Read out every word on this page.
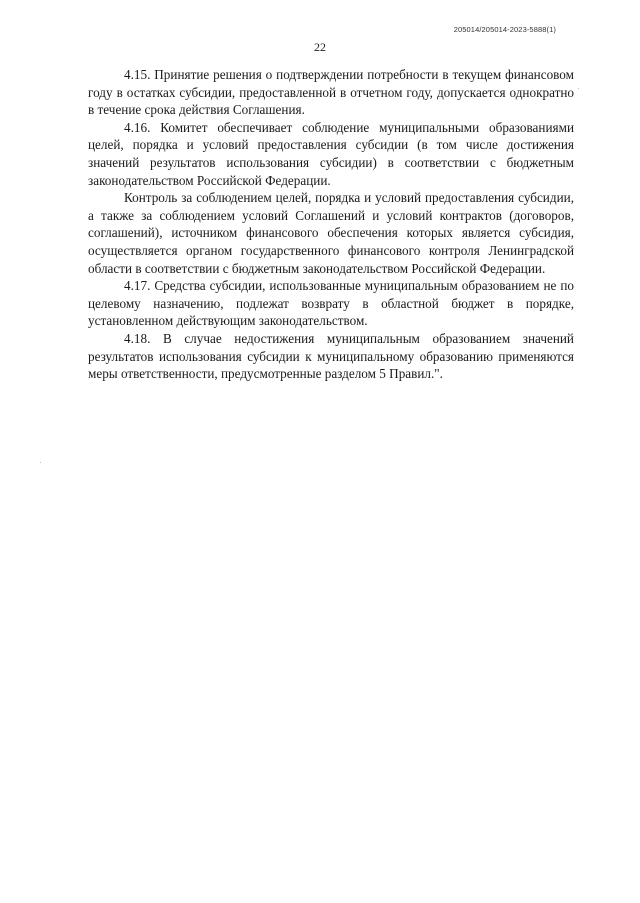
205014/205014-2023-5888(1)
22

4.15. Принятие решения о подтверждении потребности в текущем финансовом году в остатках субсидии, предоставленной в отчетном году, допускается однократно в течение срока действия Соглашения.

4.16. Комитет обеспечивает соблюдение муниципальными образованиями целей, порядка и условий предоставления субсидии (в том числе достижения значений результатов использования субсидии) в соответствии с бюджетным законодательством Российской Федерации.

Контроль за соблюдением целей, порядка и условий предоставления субсидии, а также за соблюдением условий Соглашений и условий контрактов (договоров, соглашений), источником финансового обеспечения которых является субсидия, осуществляется органом государственного финансового контроля Ленинградской области в соответствии с бюджетным законодательством Российской Федерации.

4.17. Средства субсидии, использованные муниципальным образованием не по целевому назначению, подлежат возврату в областной бюджет в порядке, установленном действующим законодательством.

4.18. В случае недостижения муниципальным образованием значений результатов использования субсидии к муниципальному образованию применяются меры ответственности, предусмотренные разделом 5 Правил.".
